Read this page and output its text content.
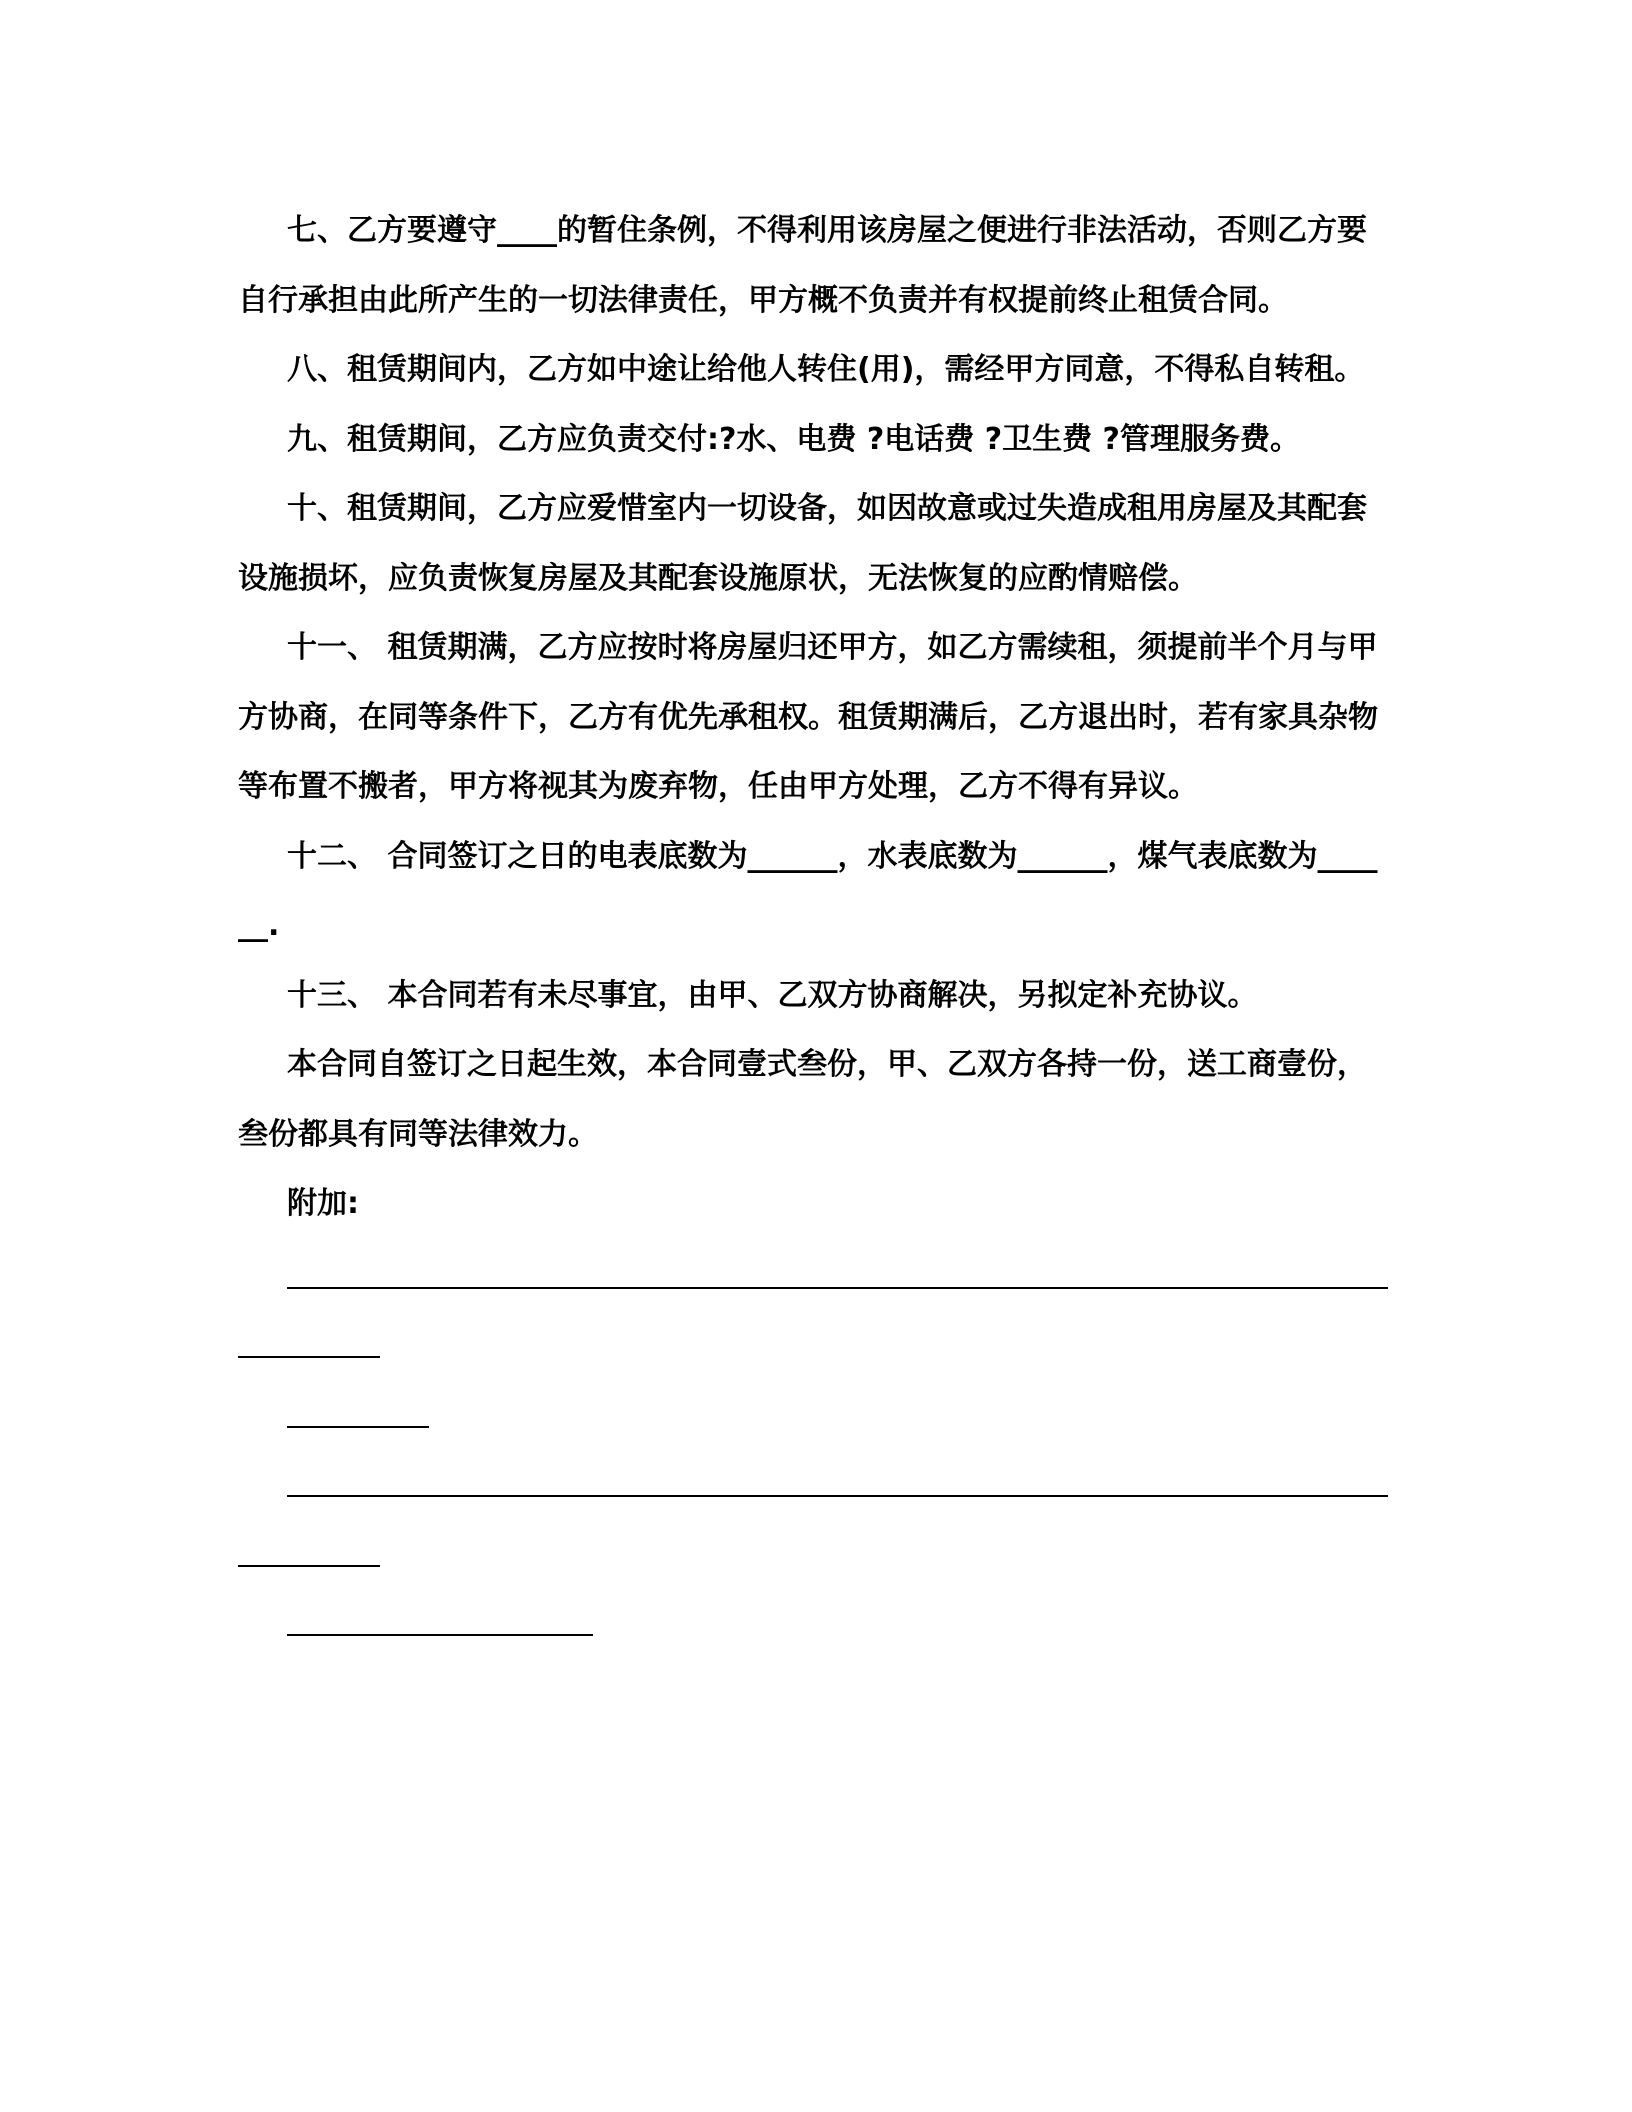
七、乙方要遵守____的暂住条例，不得利用该房屋之便进行非法活动，否则乙方要自行承担由此所产生的一切法律责任，甲方概不负责并有权提前终止租赁合同。

八、租赁期间内，乙方如中途让给他人转住(用)，需经甲方同意，不得私自转租。

九、租赁期间，乙方应负责交付:?水、电费 ?电话费 ?卫生费 ?管理服务费。

十、租赁期间，乙方应爱惜室内一切设备，如因故意或过失造成租用房屋及其配套设施损坏，应负责恢复房屋及其配套设施原状，无法恢复的应酌情赔偿。

十一、 租赁期满，乙方应按时将房屋归还甲方，如乙方需续租，须提前半个月与甲方协商，在同等条件下，乙方有优先承租权。租赁期满后，乙方退出时，若有家具杂物等布置不搬者，甲方将视其为废弃物，任由甲方处理，乙方不得有异议。

十二、 合同签订之日的电表底数为______，水表底数为______，煤气表底数为______.

十三、 本合同若有未尽事宜，由甲、乙双方协商解决，另拟定补充协议。

本合同自签订之日起生效，本合同壹式叁份，甲、乙双方各持一份，送工商壹份，叁份都具有同等法律效力。

附加:
